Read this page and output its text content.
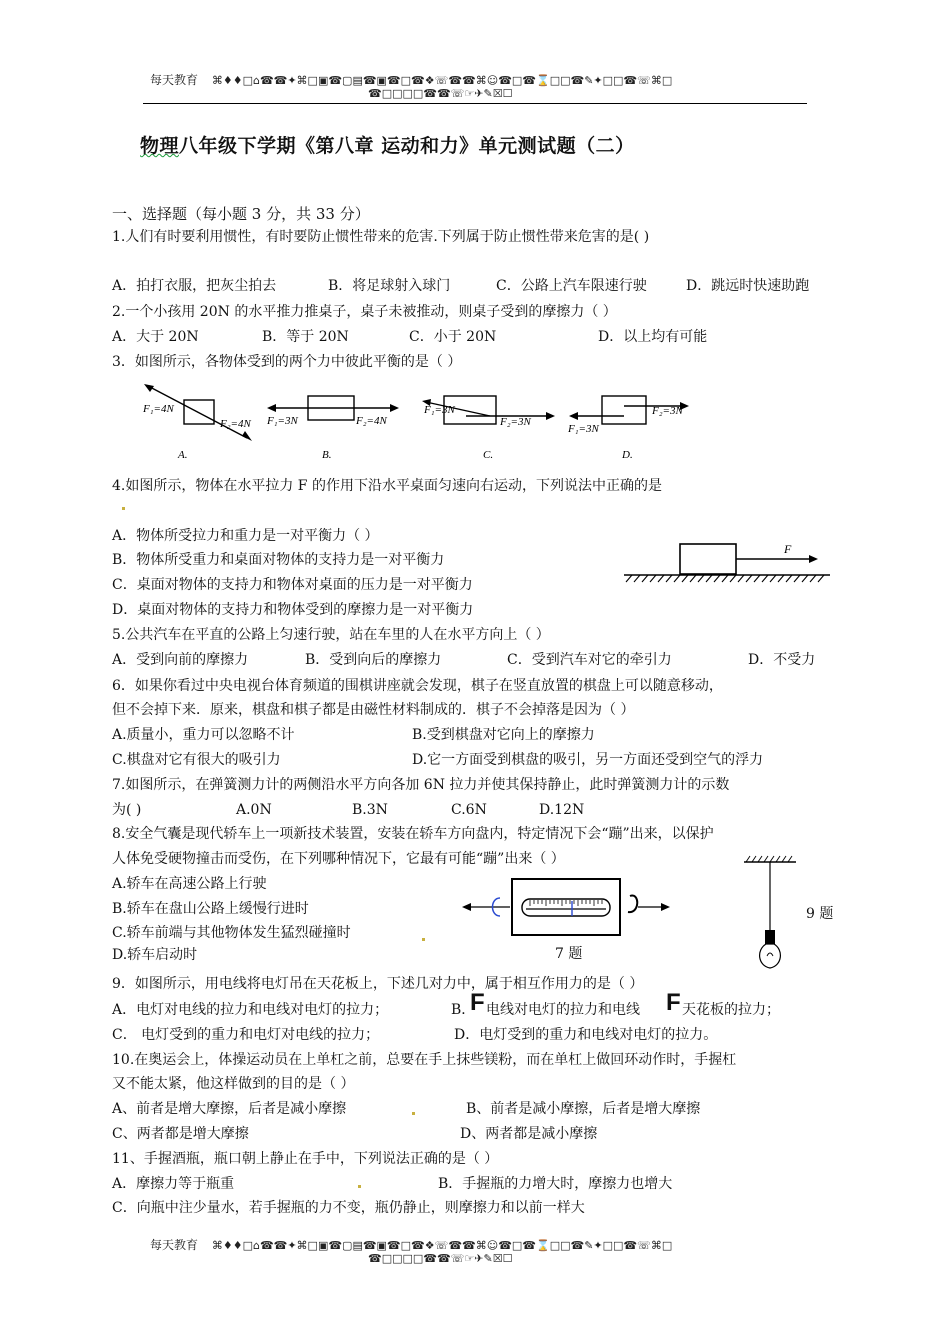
每天教育 ⌘♦♦□⌂☎☎✦⌘□▣☎▢▤☎▣☎□☎❖☏☎☎⌘☺☎□☎⌛□□☎✎✦□□☎☏⌘□
☎□□□□☎☎☏☞✈✎☒☐
物理八年级下学期《第八章 运动和力》单元测试题（二）
一、选择题（每小题 3 分，共 33 分）
1.人们有时要利用惯性，有时要防止惯性带来的危害.下列属于防止惯性带来危害的是( )
A．拍打衣服，把灰尘拍去	B．将足球射入球门	C．公路上汽车限速行驶	D．跳远时快速助跑
2.一个小孩用 20N 的水平推力推桌子，桌子未被推动，则桌子受到的摩擦力（ ）
A．大于 20N	B．等于 20N	C．小于 20N	D．以上均有可能
3．如图所示，各物体受到的两个力中彼此平衡的是（ ）
F₁=4N
F₂=4N
A.
F₁=3N	F₂=4N
B.
F₁=3N
F₂=3N
C.
F₂=3N
F₁=3N
D.
4.如图所示，物体在水平拉力 F 的作用下沿水平桌面匀速向右运动，下列说法中正确的是
A．物体所受拉力和重力是一对平衡力（ ）
B．物体所受重力和桌面对物体的支持力是一对平衡力
C．桌面对物体的支持力和物体对桌面的压力是一对平衡力
D．桌面对物体的支持力和物体受到的摩擦力是一对平衡力
F
5.公共汽车在平直的公路上匀速行驶，站在车里的人在水平方向上（ ）
A．受到向前的摩擦力	B．受到向后的摩擦力	C．受到汽车对它的牵引力	D．不受力
6．如果你看过中央电视台体育频道的围棋讲座就会发现，棋子在竖直放置的棋盘上可以随意移动，
但不会掉下来．原来，棋盘和棋子都是由磁性材料制成的．棋子不会掉落是因为（ ）
A.质量小，重力可以忽略不计	B.受到棋盘对它向上的摩擦力
C.棋盘对它有很大的吸引力	D.它一方面受到棋盘的吸引，另一方面还受到空气的浮力
7.如图所示，在弹簧测力计的两侧沿水平方向各加 6N 拉力并使其保持静止，此时弹簧测力计的示数
为( )	A.0N	B.3N	C.6N	D.12N
8.安全气囊是现代轿车上一项新技术装置，安装在轿车方向盘内，特定情况下会“蹦”出来，以保护
人体免受硬物撞击而受伤，在下列哪种情况下，它最有可能“蹦”出来（ ）
A.轿车在高速公路上行驶
B.轿车在盘山公路上缓慢行进时
C.轿车前端与其他物体发生猛烈碰撞时
D.轿车启动时	7 题
9 题
9．如图所示，用电线将电灯吊在天花板上，下述几对力中，属于相互作用力的是（ ）
A．电灯对电线的拉力和电线对电灯的拉力；	B．
F 电线对电灯的拉力和电线 F 天花板的拉力；
C． 电灯受到的重力和电灯对电线的拉力；	D．电灯受到的重力和电线对电灯的拉力。
10.在奥运会上，体操运动员在上单杠之前，总要在手上抹些镁粉，而在单杠上做回环动作时，手握杠
又不能太紧，他这样做到的目的是（ ）
A、前者是增大摩擦，后者是减小摩擦	B、前者是减小摩擦，后者是增大摩擦
C、两者都是增大摩擦	D、两者都是减小摩擦
11、手握酒瓶，瓶口朝上静止在手中，下列说法正确的是（ ）
A．摩擦力等于瓶重	B．手握瓶的力增大时，摩擦力也增大
C．向瓶中注少量水，若手握瓶的力不变，瓶仍静止，则摩擦力和以前一样大
每天教育 ⌘♦♦□⌂☎☎✦⌘□▣☎▢▤☎▣☎□☎❖☏☎☎⌘☺☎□☎⌛□□☎✎✦□□☎☏⌘□
☎□□□□☎☎☏☞✈✎☒☐
